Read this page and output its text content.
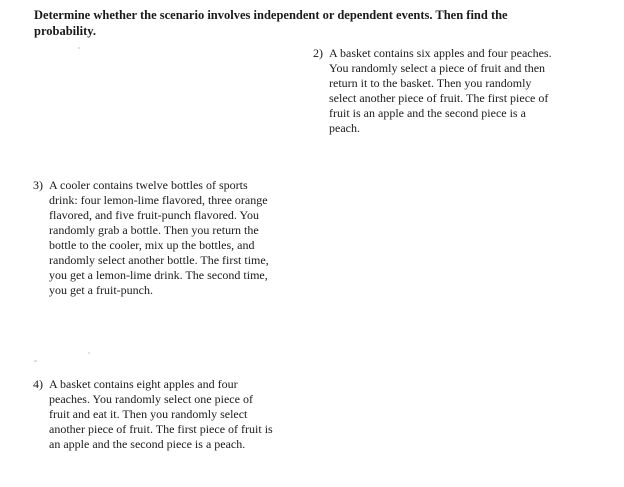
Determine whether the scenario involves independent or dependent events. Then find the probability.
2) A basket contains six apples and four peaches. You randomly select a piece of fruit and then return it to the basket. Then you randomly select another piece of fruit. The first piece of fruit is an apple and the second piece is a peach.
3) A cooler contains twelve bottles of sports drink: four lemon-lime flavored, three orange flavored, and five fruit-punch flavored. You randomly grab a bottle. Then you return the bottle to the cooler, mix up the bottles, and randomly select another bottle. The first time, you get a lemon-lime drink. The second time, you get a fruit-punch.
4) A basket contains eight apples and four peaches. You randomly select one piece of fruit and eat it. Then you randomly select another piece of fruit. The first piece of fruit is an apple and the second piece is a peach.
